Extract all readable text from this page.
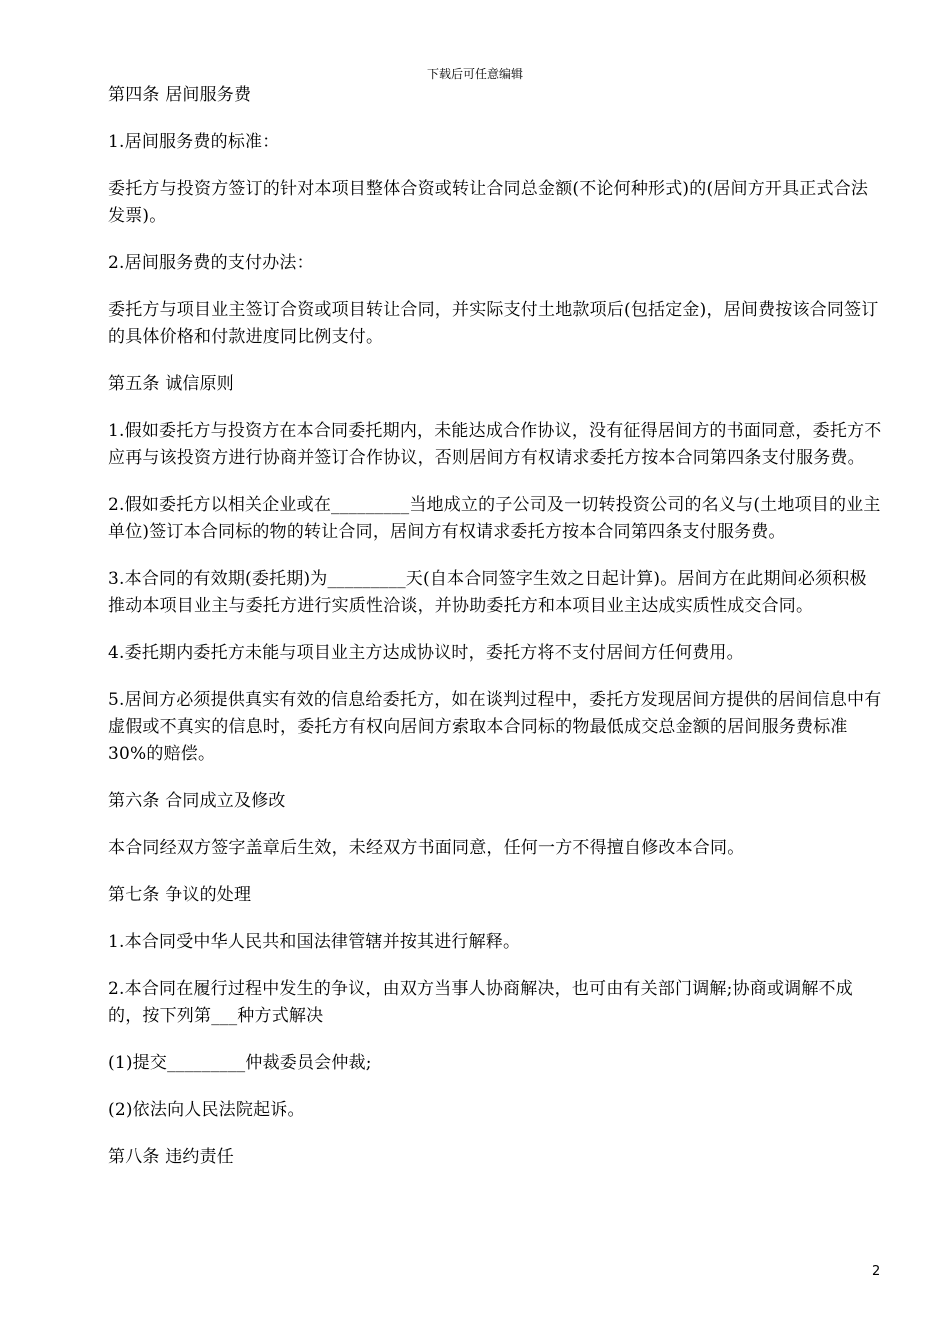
下载后可任意编辑

第四条 居间服务费

1.居间服务费的标准：

委托方与投资方签订的针对本项目整体合资或转让合同总金额(不论何种形式)的(居间方开具正式合法发票)。

2.居间服务费的支付办法：

委托方与项目业主签订合资或项目转让合同，并实际支付土地款项后(包括定金)，居间费按该合同签订的具体价格和付款进度同比例支付。

第五条 诚信原则

1.假如委托方与投资方在本合同委托期内，未能达成合作协议，没有征得居间方的书面同意，委托方不应再与该投资方进行协商并签订合作协议，否则居间方有权请求委托方按本合同第四条支付服务费。

2.假如委托方以相关企业或在_________当地成立的子公司及一切转投资公司的名义与(土地项目的业主单位)签订本合同标的物的转让合同，居间方有权请求委托方按本合同第四条支付服务费。

3.本合同的有效期(委托期)为_________天(自本合同签字生效之日起计算)。居间方在此期间必须积极推动本项目业主与委托方进行实质性洽谈，并协助委托方和本项目业主达成实质性成交合同。

4.委托期内委托方未能与项目业主方达成协议时，委托方将不支付居间方任何费用。

5.居间方必须提供真实有效的信息给委托方，如在谈判过程中，委托方发现居间方提供的居间信息中有虚假或不真实的信息时，委托方有权向居间方索取本合同标的物最低成交总金额的居间服务费标准30%的赔偿。

第六条 合同成立及修改

本合同经双方签字盖章后生效，未经双方书面同意，任何一方不得擅自修改本合同。

第七条 争议的处理

1.本合同受中华人民共和国法律管辖并按其进行解释。

2.本合同在履行过程中发生的争议，由双方当事人协商解决，也可由有关部门调解;协商或调解不成的，按下列第___种方式解决

(1)提交_________仲裁委员会仲裁;

(2)依法向人民法院起诉。

第八条 违约责任

2
